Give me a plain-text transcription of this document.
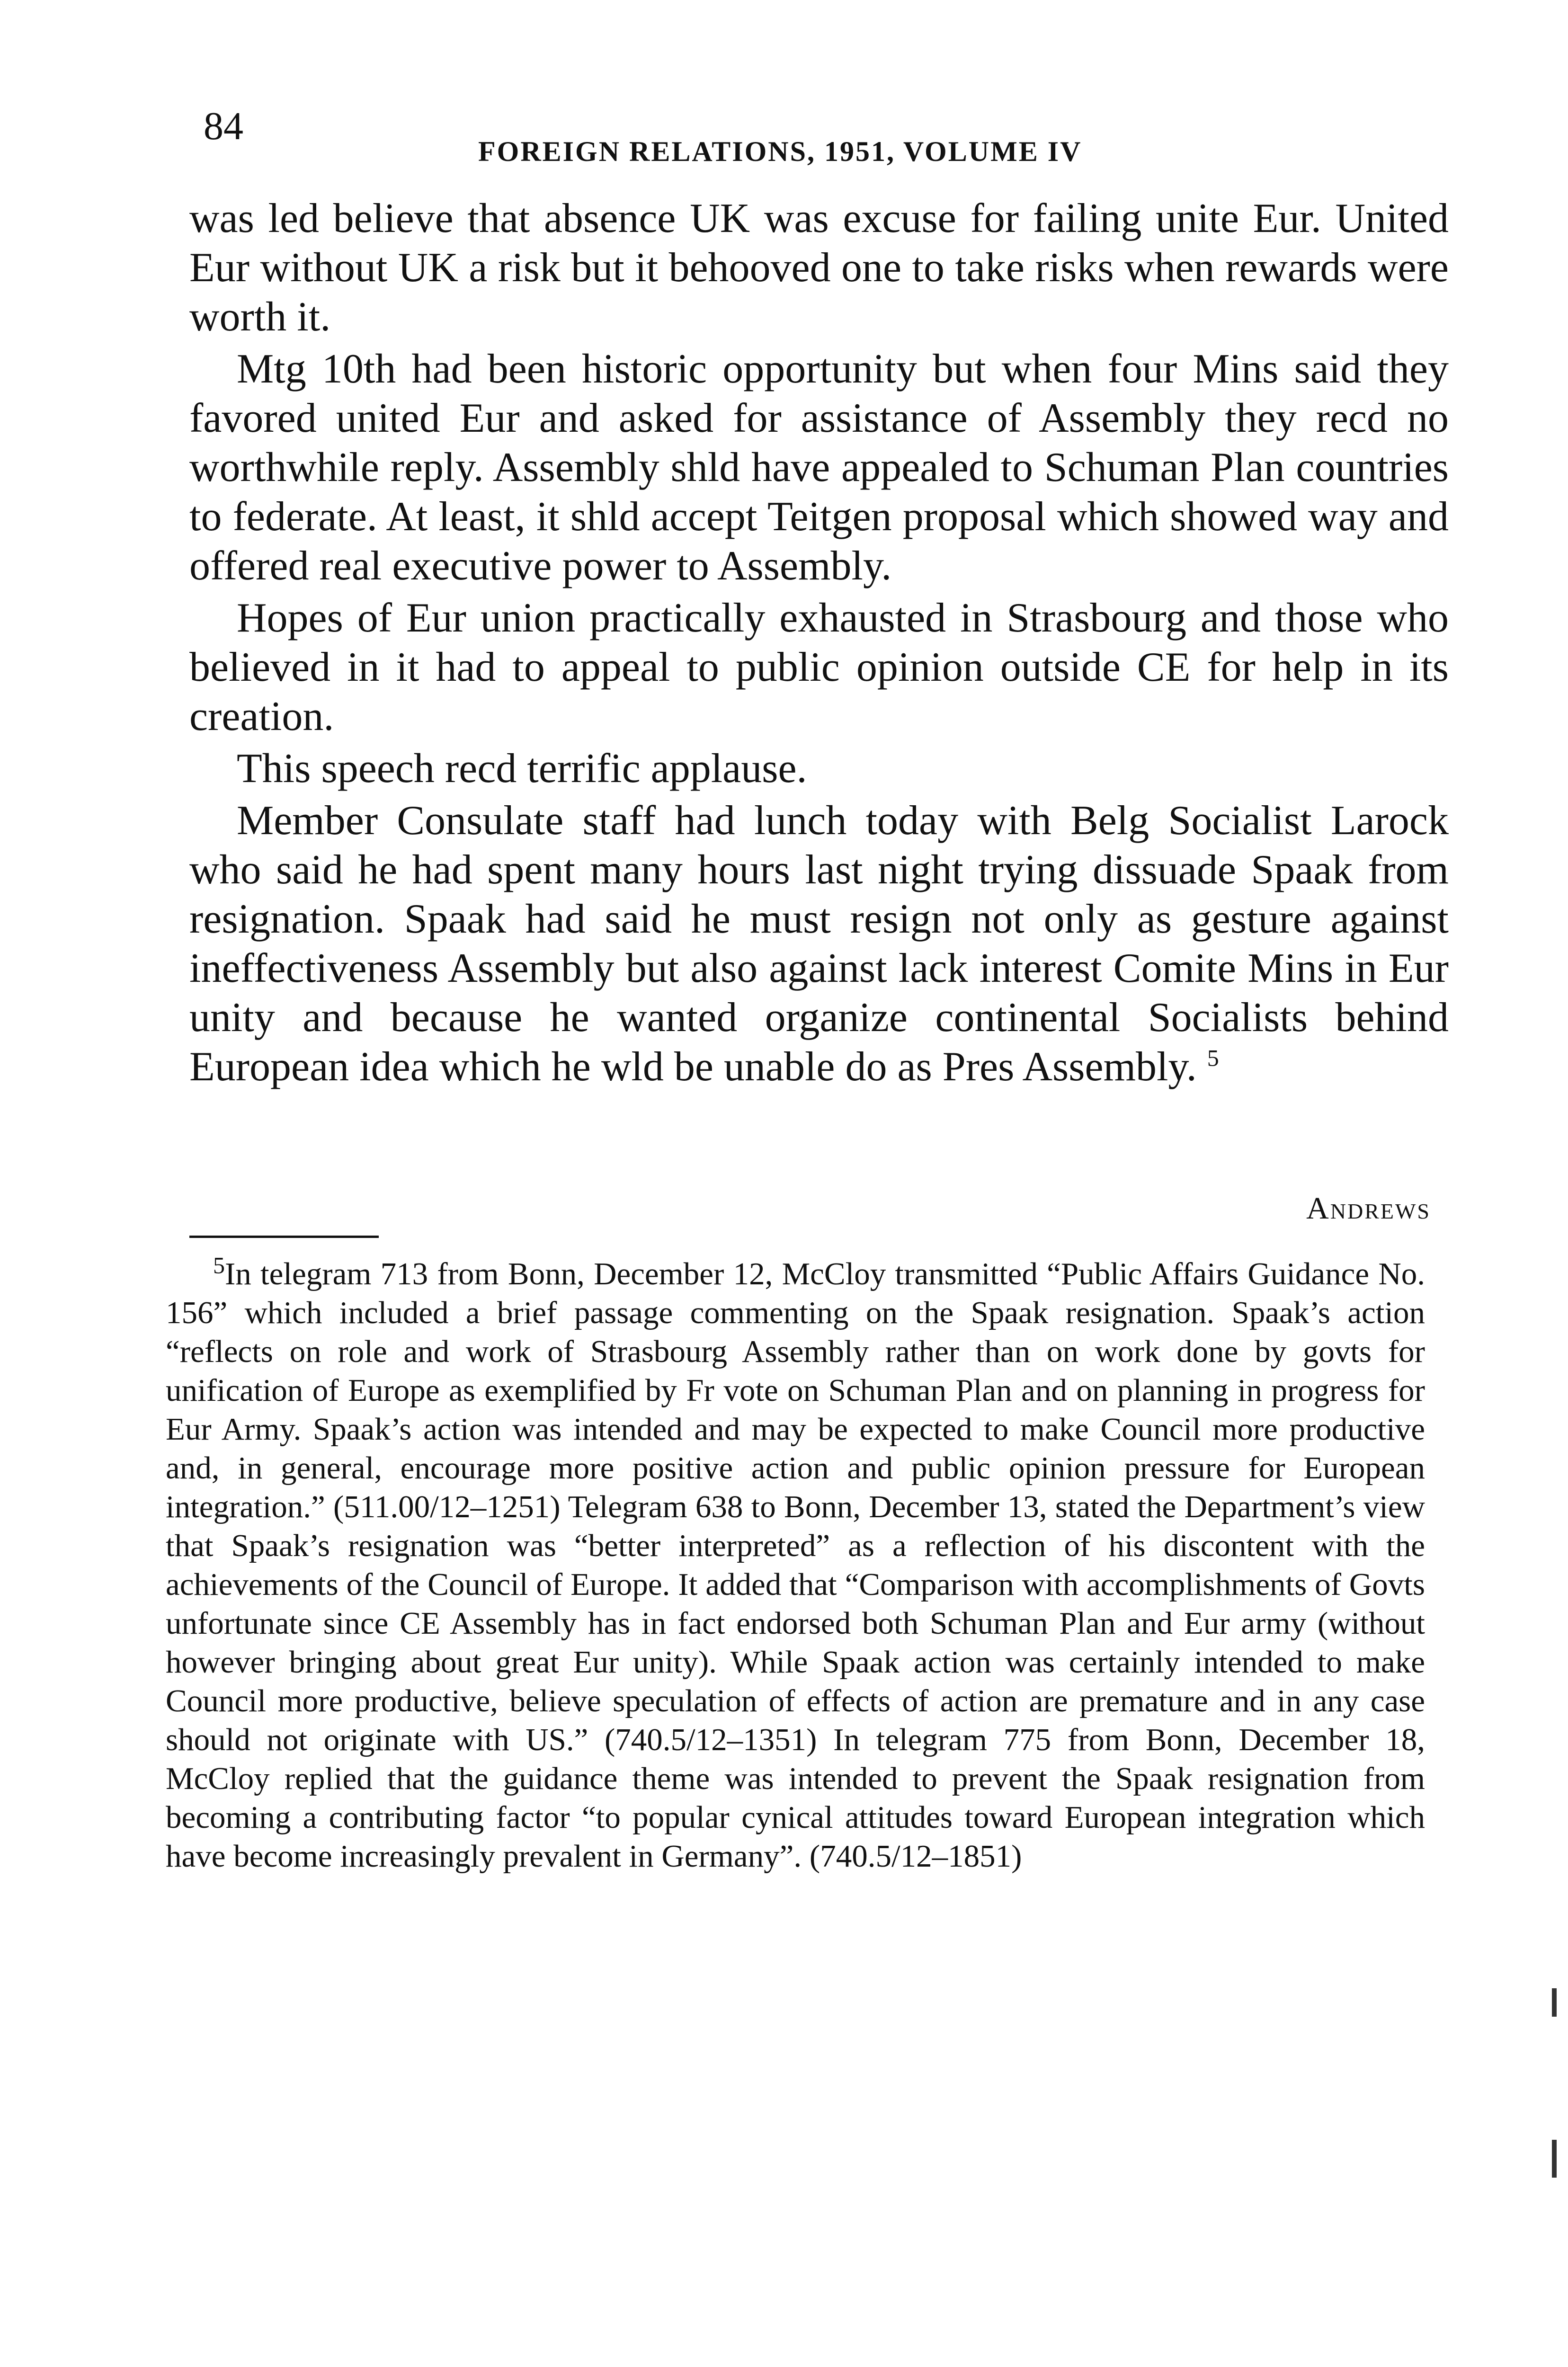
84
FOREIGN RELATIONS, 1951, VOLUME IV

was led believe that absence UK was excuse for failing unite Eur. United Eur without UK a risk but it behooved one to take risks when rewards were worth it.

Mtg 10th had been historic opportunity but when four Mins said they favored united Eur and asked for assistance of Assembly they recd no worthwhile reply. Assembly shld have appealed to Schuman Plan countries to federate. At least, it shld accept Teitgen proposal which showed way and offered real executive power to Assembly.

Hopes of Eur union practically exhausted in Strasbourg and those who believed in it had to appeal to public opinion outside CE for help in its creation.

This speech recd terrific applause.

Member Consulate staff had lunch today with Belg Socialist Larock who said he had spent many hours last night trying dissuade Spaak from resignation. Spaak had said he must resign not only as gesture against ineffectiveness Assembly but also against lack interest Comite Mins in Eur unity and because he wanted organize continental Socialists behind European idea which he wld be unable do as Pres Assembly. $^5$

Andrews
$^5$In telegram 713 from Bonn, December 12, McCloy transmitted “Public Affairs Guidance No. 156” which included a brief passage commenting on the Spaak resignation. Spaak’s action “reflects on role and work of Strasbourg Assembly rather than on work done by govts for unification of Europe as exemplified by Fr vote on Schuman Plan and on planning in progress for Eur Army. Spaak’s action was intended and may be expected to make Council more productive and, in general, encourage more positive action and public opinion pressure for European integration.” (511.00/12–1251) Telegram 638 to Bonn, December 13, stated the Department’s view that Spaak’s resignation was “better interpreted” as a reflection of his discontent with the achievements of the Council of Europe. It added that “Comparison with accomplishments of Govts unfortunate since CE Assembly has in fact endorsed both Schuman Plan and Eur army (without however bringing about great Eur unity). While Spaak action was certainly intended to make Council more productive, believe speculation of effects of action are premature and in any case should not originate with US.” (740.5/12–1351) In telegram 775 from Bonn, December 18, McCloy replied that the guidance theme was intended to prevent the Spaak resignation from becoming a contributing factor “to popular cynical attitudes toward European integration which have become increasingly prevalent in Germany”. (740.5/12–1851)
